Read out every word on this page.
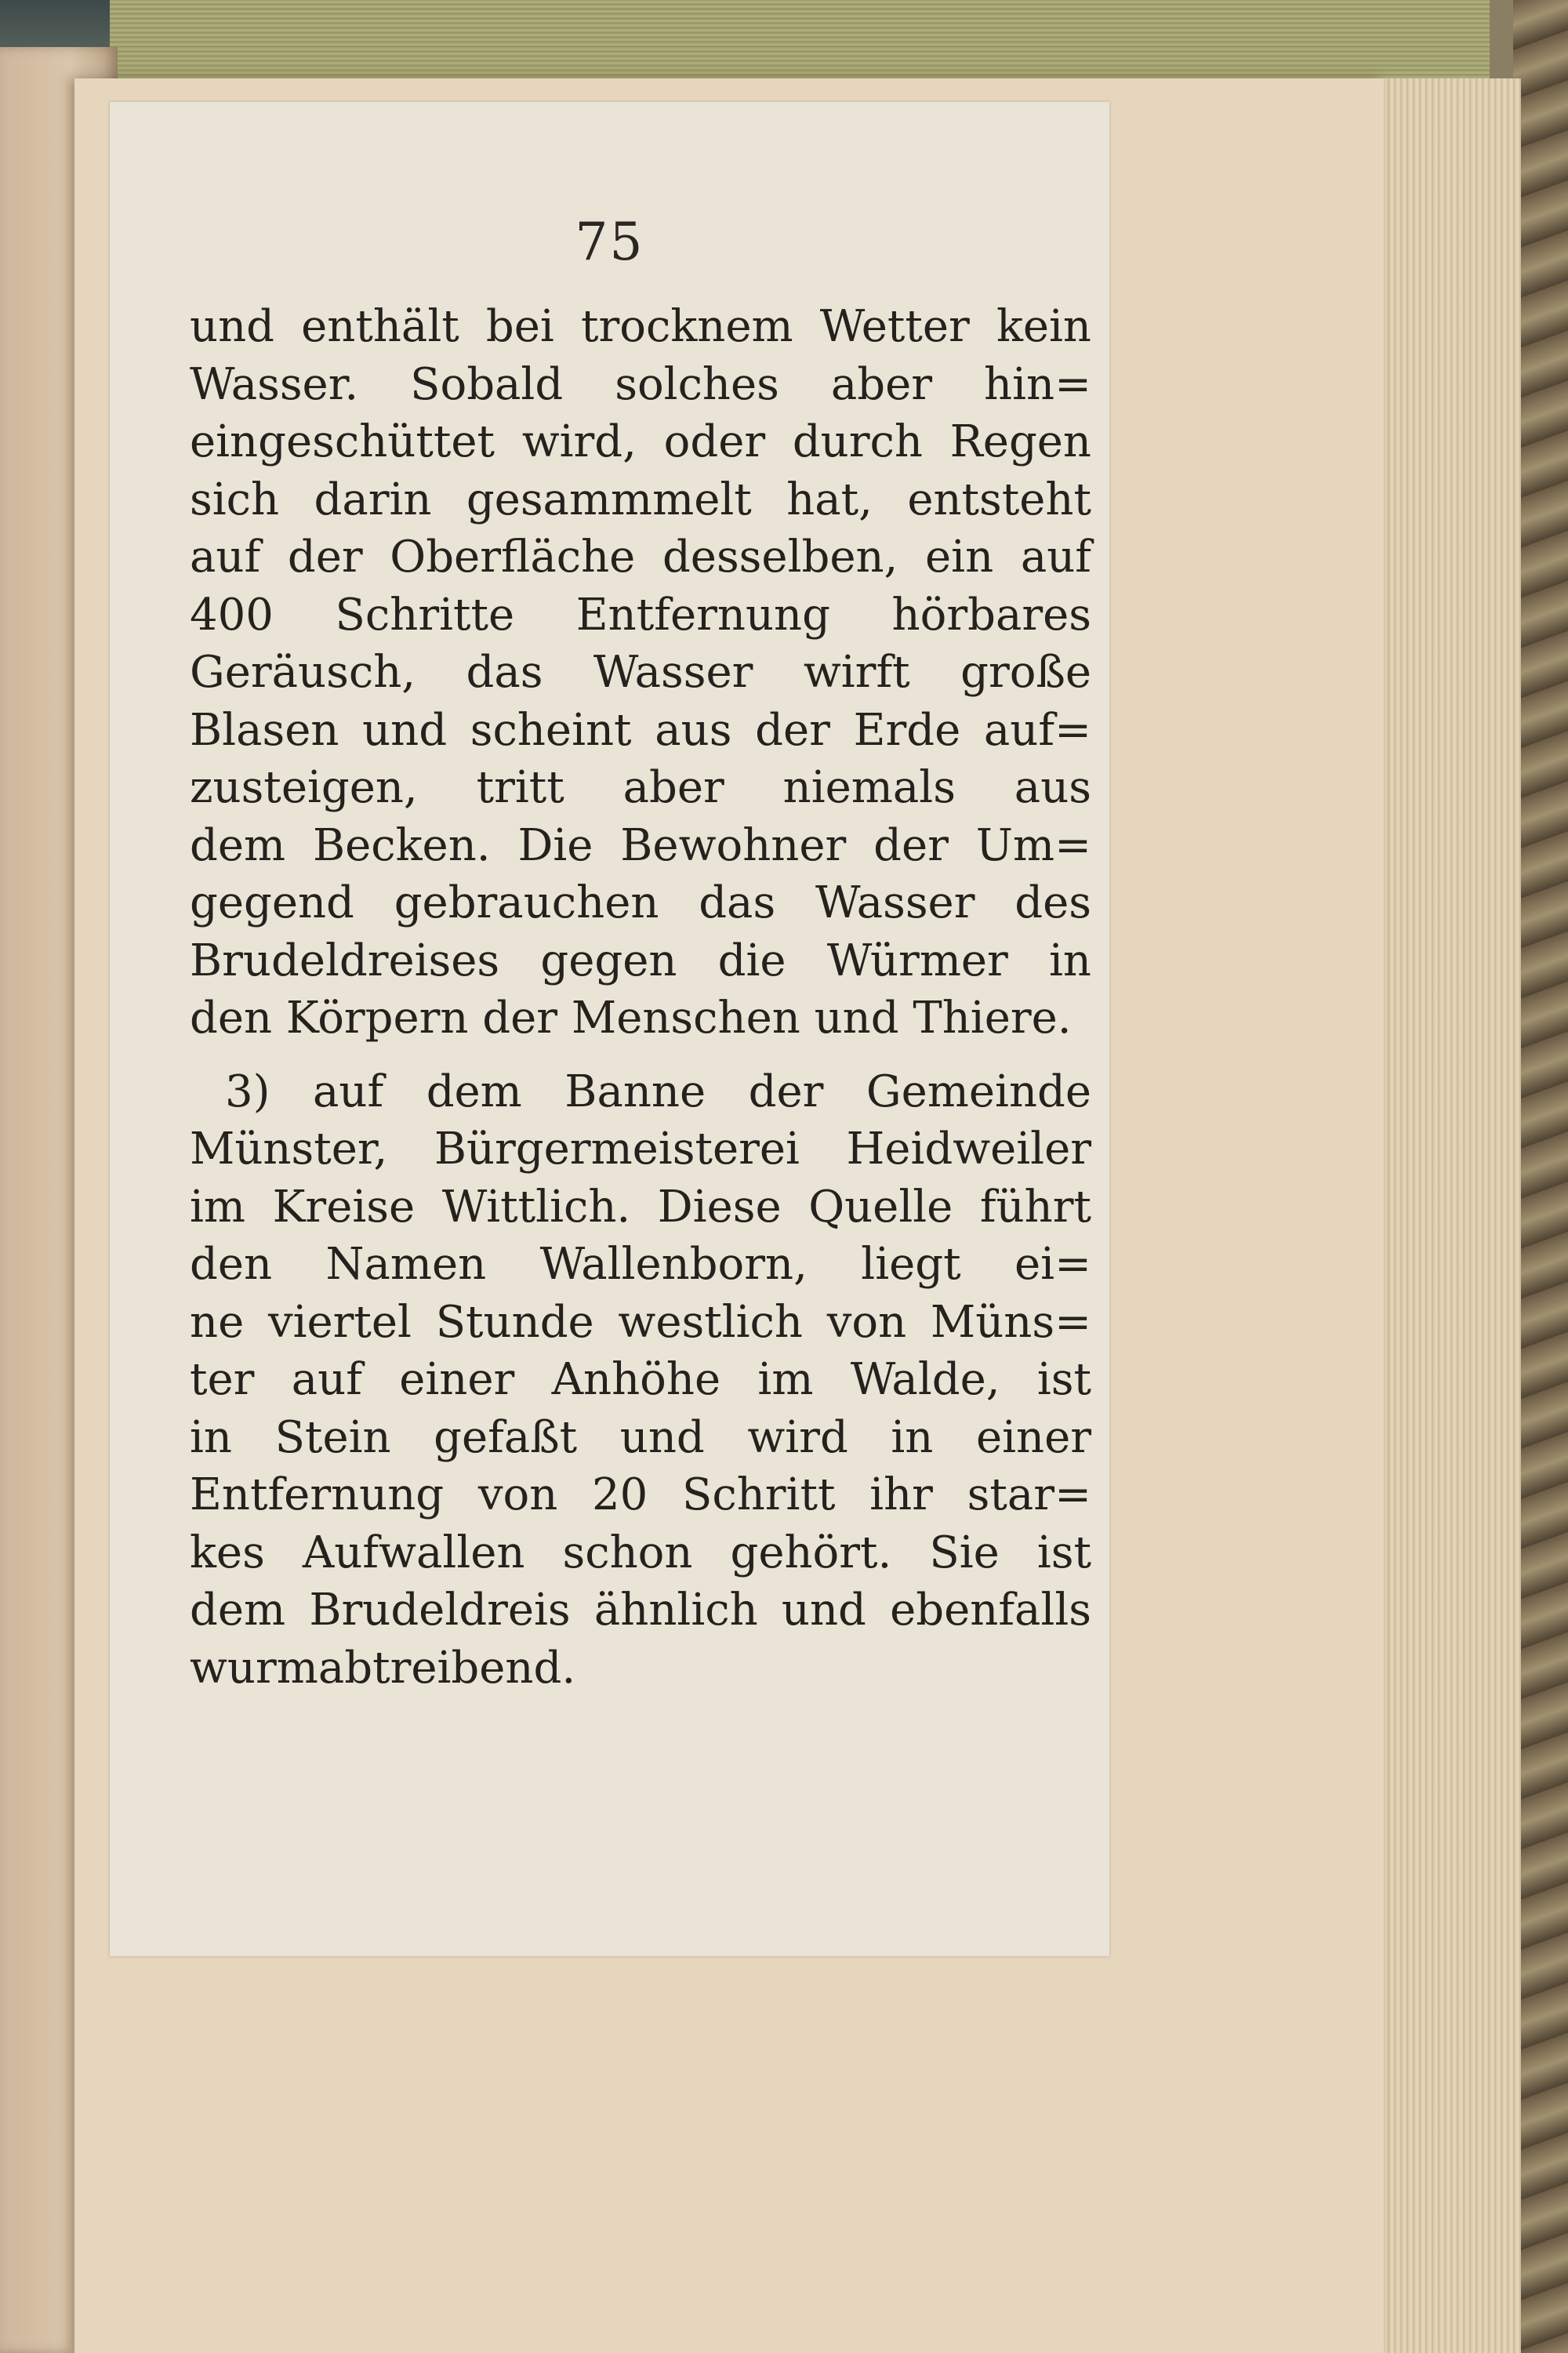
75
und enthält bei trocknem Wetter kein
Wasser. Sobald solches aber hin=
eingeschüttet wird, oder durch Regen
sich darin gesammmelt hat, entsteht
auf der Oberfläche desselben, ein auf
400 Schritte Entfernung hörbares
Geräusch, das Wasser wirft große
Blasen und scheint aus der Erde auf=
zusteigen, tritt aber niemals aus
dem Becken. Die Bewohner der Um=
gegend gebrauchen das Wasser des
Brudeldreises gegen die Würmer in
den Körpern der Menschen und Thiere.
3) auf dem Banne der Gemeinde
Münster, Bürgermeisterei Heidweiler
im Kreise Wittlich. Diese Quelle führt
den Namen Wallenborn, liegt ei=
ne viertel Stunde westlich von Müns=
ter auf einer Anhöhe im Walde, ist
in Stein gefaßt und wird in einer
Entfernung von 20 Schritt ihr star=
kes Aufwallen schon gehört. Sie ist
dem Brudeldreis ähnlich und ebenfalls
wurmabtreibend.
